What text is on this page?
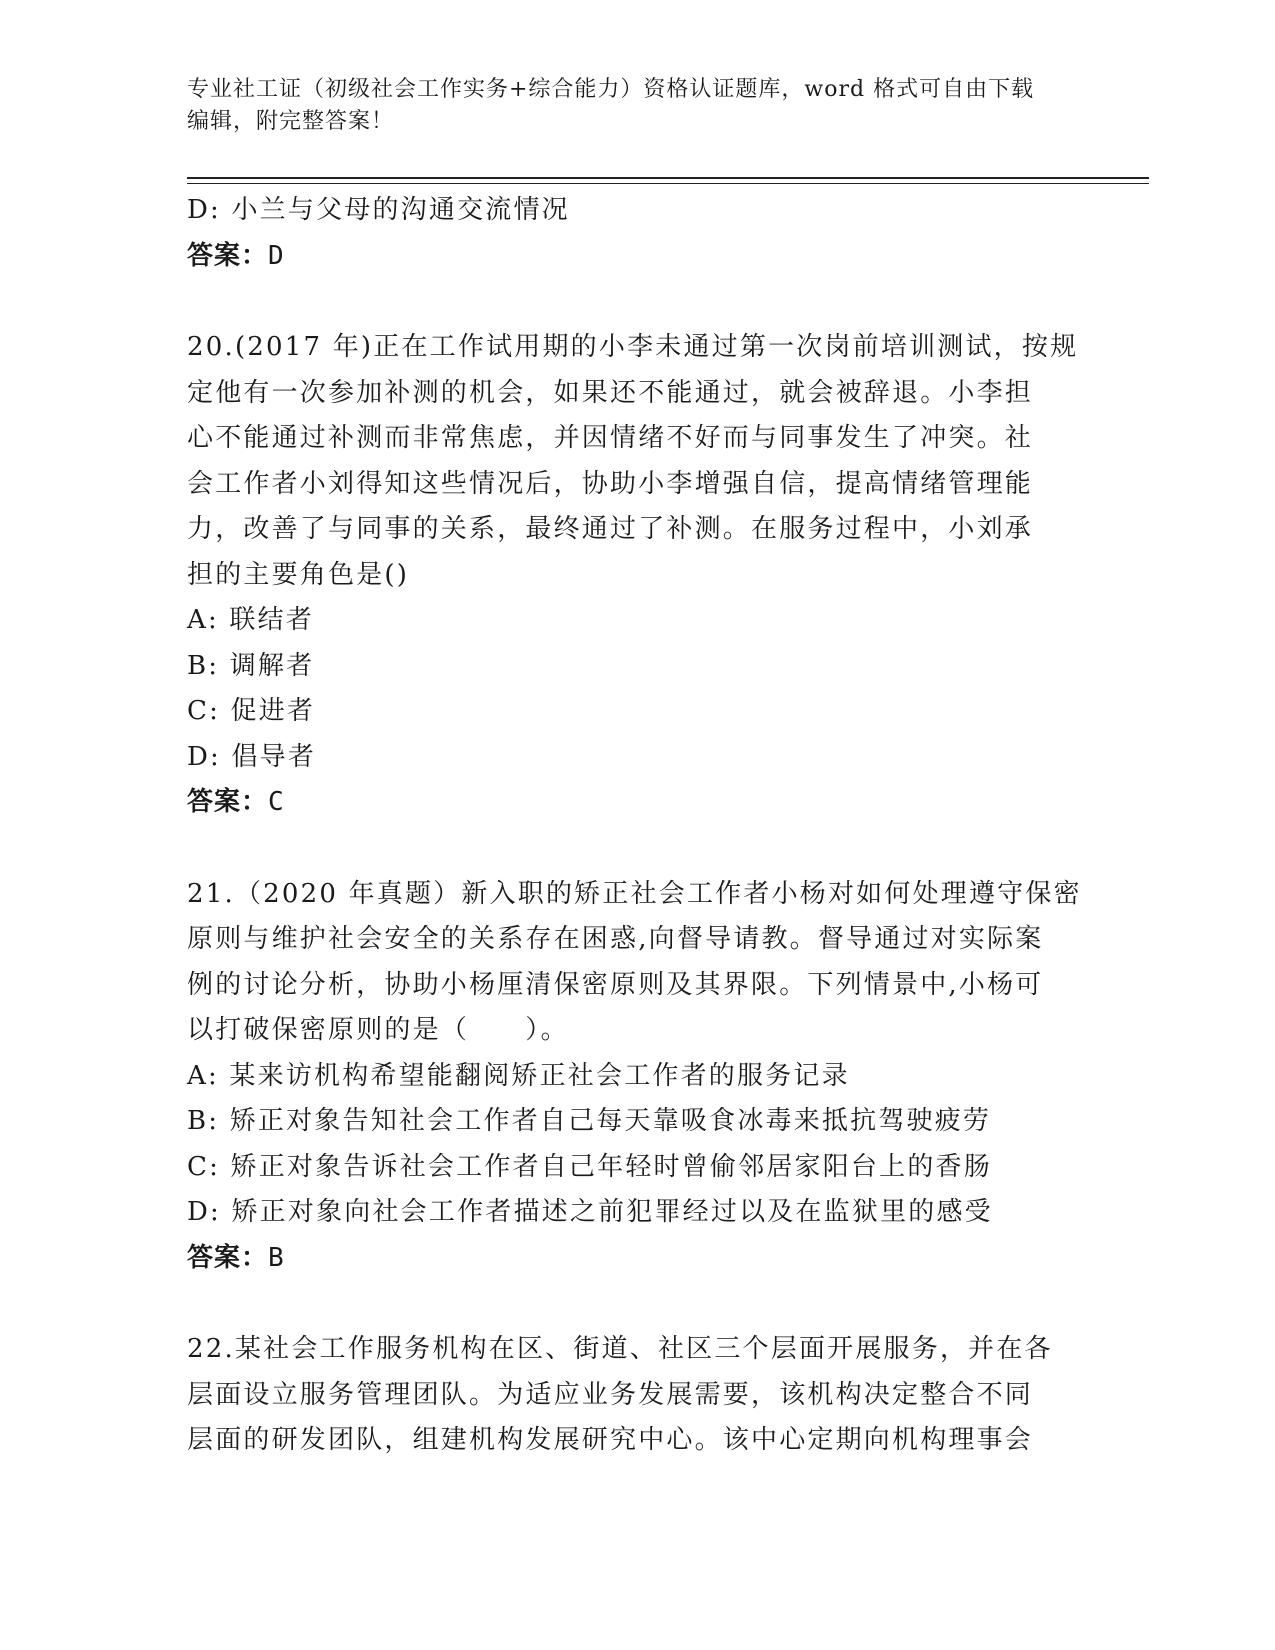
专业社工证（初级社会工作实务+综合能力）资格认证题库，word 格式可自由下载
编辑，附完整答案！
D: 小兰与父母的沟通交流情况
答案：D
20.(2017 年)正在工作试用期的小李未通过第一次岗前培训测试，按规
定他有一次参加补测的机会，如果还不能通过，就会被辞退。小李担
心不能通过补测而非常焦虑，并因情绪不好而与同事发生了冲突。社
会工作者小刘得知这些情况后，协助小李增强自信，提高情绪管理能
力，改善了与同事的关系，最终通过了补测。在服务过程中，小刘承
担的主要角色是()
A: 联结者
B: 调解者
C: 促进者
D: 倡导者
答案：C
21.（2020 年真题）新入职的矫正社会工作者小杨对如何处理遵守保密
原则与维护社会安全的关系存在困惑,向督导请教。督导通过对实际案
例的讨论分析，协助小杨厘清保密原则及其界限。下列情景中,小杨可
以打破保密原则的是（　　）。
A: 某来访机构希望能翻阅矫正社会工作者的服务记录
B: 矫正对象告知社会工作者自己每天靠吸食冰毒来抵抗驾驶疲劳
C: 矫正对象告诉社会工作者自己年轻时曾偷邻居家阳台上的香肠
D: 矫正对象向社会工作者描述之前犯罪经过以及在监狱里的感受
答案：B
22.某社会工作服务机构在区、街道、社区三个层面开展服务，并在各
层面设立服务管理团队。为适应业务发展需要，该机构决定整合不同
层面的研发团队，组建机构发展研究中心。该中心定期向机构理事会
